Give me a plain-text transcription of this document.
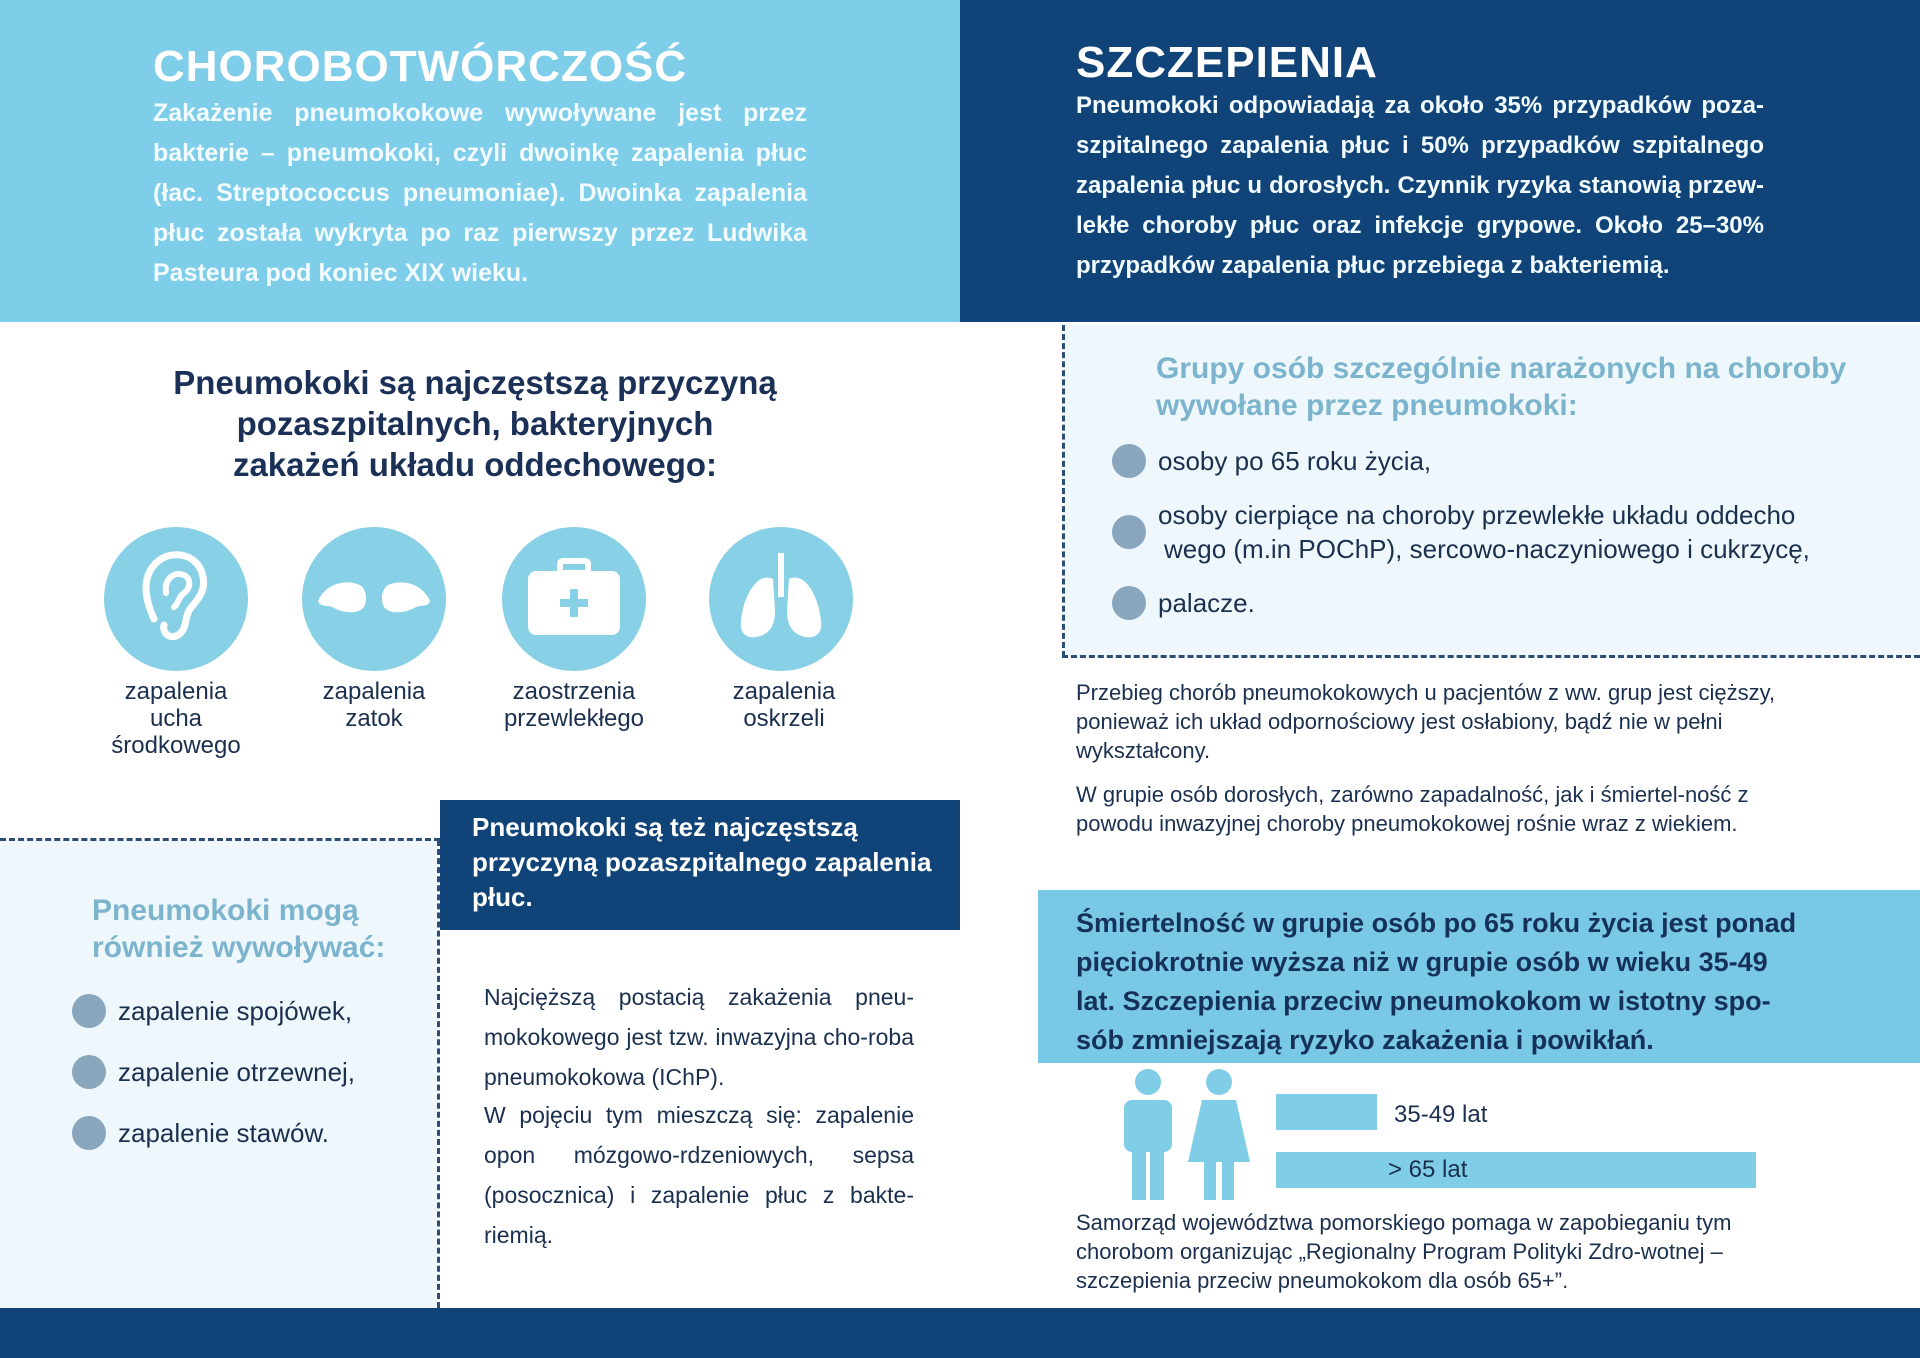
CHOROBOTWÓRCZOŚĆ
Zakażenie pneumokokowe wywoływane jest przez bakterie – pneumokoki, czyli dwoinkę zapalenia płuc (łac. Streptococcus pneumoniae). Dwoinka zapalenia płuc została wykryta po raz pierwszy przez Ludwika Pasteura pod koniec XIX wieku.
SZCZEPIENIA
Pneumokoki odpowiadają za około 35% przypadków poza-szpitalnego zapalenia płuc i 50% przypadków szpitalnego zapalenia płuc u dorosłych. Czynnik ryzyka stanowią przew-lekłe choroby płuc oraz infekcje grypowe. Około 25–30% przypadków zapalenia płuc przebiega z bakteriemią.
Pneumokoki są najczęstszą przyczyną
pozaszpitalnych, bakteryjnych
zakażeń układu oddechowego:
zapalenia
ucha
środkowego
zapalenia
zatok
zaostrzenia
przewlekłego
zapalenia
oskrzeli
Grupy osób szczególnie narażonych na choroby
wywołane przez pneumokoki:
osoby po 65 roku życia,
osoby cierpiące na choroby przewlekłe układu oddecho
wego (m.in POChP), sercowo-naczyniowego i cukrzycę,
palacze.
Przebieg chorób pneumokokowych u pacjentów z ww. grup jest cięższy, ponieważ ich układ odpornościowy jest osłabiony, bądź nie w pełni wykształcony.
W grupie osób dorosłych, zarówno zapadalność, jak i śmiertel-ność z powodu inwazyjnej choroby pneumokokowej rośnie wraz z wiekiem.
Pneumokoki mogą
również wywoływać:
zapalenie spojówek,
zapalenie otrzewnej,
zapalenie stawów.
Pneumokoki są też najczęstszą przyczyną pozaszpitalnego zapalenia płuc.
Najcięższą postacią zakażenia pneu-mokokowego jest tzw. inwazyjna cho-roba pneumokokowa (IChP).
W pojęciu tym mieszczą się: zapalenie opon mózgowo-rdzeniowych, sepsa (posocznica) i zapalenie płuc z bakte-riemią.
Śmiertelność w grupie osób po 65 roku życia jest ponad pięciokrotnie wyższa niż w grupie osób w wieku 35-49 lat. Szczepienia przeciw pneumokokom w istotny spo-sób zmniejszają ryzyko zakażenia i powikłań.
35-49 lat
> 65 lat
Samorząd województwa pomorskiego pomaga w zapobieganiu tym chorobom organizując „Regionalny Program Polityki Zdro-wotnej – szczepienia przeciw pneumokokom dla osób 65+”.
